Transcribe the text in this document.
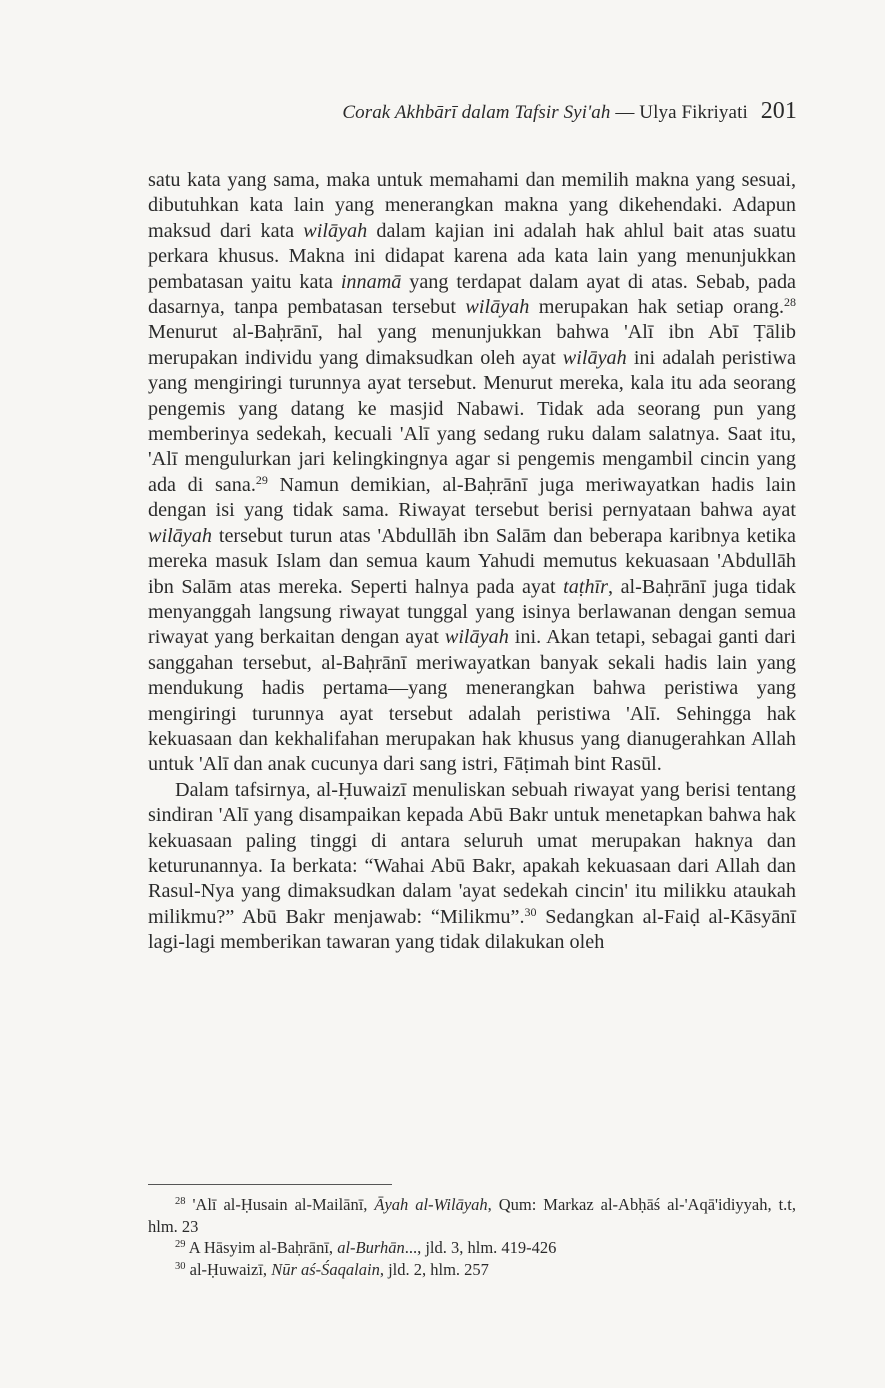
Corak Akhbārī dalam Tafsir Syi'ah — Ulya Fikriyati 201

satu kata yang sama, maka untuk memahami dan memilih makna yang sesuai, dibutuhkan kata lain yang menerangkan makna yang dikehendaki. Adapun maksud dari kata wilāyah dalam kajian ini adalah hak ahlul bait atas suatu perkara khusus. Makna ini didapat karena ada kata lain yang menunjukkan pembatasan yaitu kata innamā yang terdapat dalam ayat di atas. Sebab, pada dasarnya, tanpa pembatasan tersebut wilāyah merupakan hak setiap orang.$^{28}$ Menurut al-Baḥrānī, hal yang menunjukkan bahwa 'Alī ibn Abī Ṭālib merupakan individu yang dimaksudkan oleh ayat wilāyah ini adalah peristiwa yang mengiringi turunnya ayat tersebut. Menurut mereka, kala itu ada seorang pengemis yang datang ke masjid Nabawi. Tidak ada seorang pun yang memberinya sedekah, kecuali 'Alī yang sedang ruku dalam salatnya. Saat itu, 'Alī mengulurkan jari kelingkingnya agar si pengemis mengambil cincin yang ada di sana.$^{29}$ Namun demikian, al-Baḥrānī juga meriwayatkan hadis lain dengan isi yang tidak sama. Riwayat tersebut berisi pernyataan bahwa ayat wilāyah tersebut turun atas 'Abdullāh ibn Salām dan beberapa karibnya ketika mereka masuk Islam dan semua kaum Yahudi memutus kekuasaan 'Abdullāh ibn Salām atas mereka. Seperti halnya pada ayat taṭhīr, al-Baḥrānī juga tidak menyanggah langsung riwayat tunggal yang isinya berlawanan dengan semua riwayat yang berkaitan dengan ayat wilāyah ini. Akan tetapi, sebagai ganti dari sanggahan tersebut, al-Baḥrānī meriwayatkan banyak sekali hadis lain yang mendukung hadis pertama—yang menerangkan bahwa peristiwa yang mengiringi turunnya ayat tersebut adalah peristiwa 'Alī. Sehingga hak kekuasaan dan kekhalifahan merupakan hak khusus yang dianugerahkan Allah untuk 'Alī dan anak cucunya dari sang istri, Fāṭimah bint Rasūl.

Dalam tafsirnya, al-Ḥuwaizī menuliskan sebuah riwayat yang berisi tentang sindiran 'Alī yang disampaikan kepada Abū Bakr untuk menetapkan bahwa hak kekuasaan paling tinggi di antara seluruh umat merupakan haknya dan keturunannya. Ia berkata: “Wahai Abū Bakr, apakah kekuasaan dari Allah dan Rasul-Nya yang dimaksudkan dalam 'ayat sedekah cincin' itu milikku ataukah milikmu?” Abū Bakr menjawab: “Milikmu”.$^{30}$ Sedangkan al-Faiḍ al-Kāsyānī lagi-lagi memberikan tawaran yang tidak dilakukan oleh

$^{28}$ 'Alī al-Ḥusain al-Mailānī, Āyah al-Wilāyah, Qum: Markaz al-Abḥāś al-'Aqā'idiyyah, t.t, hlm. 23

$^{29}$ A Hāsyim al-Baḥrānī, al-Burhān..., jld. 3, hlm. 419-426

$^{30}$ al-Ḥuwaizī, Nūr aś-Śaqalain, jld. 2, hlm. 257
